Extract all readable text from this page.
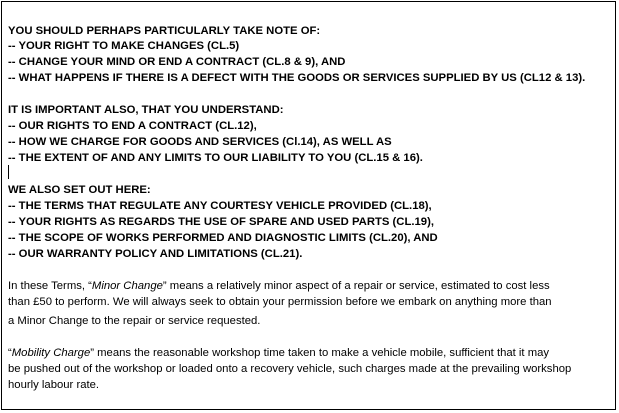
YOU SHOULD PERHAPS PARTICULARLY TAKE NOTE OF:
-- YOUR RIGHT TO MAKE CHANGES (CL.5)
-- CHANGE YOUR MIND OR END A CONTRACT (CL.8 & 9), AND
-- WHAT HAPPENS IF THERE IS A DEFECT WITH THE GOODS OR SERVICES SUPPLIED BY US (CL12 & 13).
IT IS IMPORTANT ALSO, THAT YOU UNDERSTAND:
-- OUR RIGHTS TO END A CONTRACT (CL.12),
-- HOW WE CHARGE FOR GOODS AND SERVICES (Cl.14), AS WELL AS
-- THE EXTENT OF AND ANY LIMITS TO OUR LIABILITY TO YOU (CL.15 & 16).
WE ALSO SET OUT HERE:
-- THE TERMS THAT REGULATE ANY COURTESY VEHICLE PROVIDED (CL.18),
-- YOUR RIGHTS AS REGARDS THE USE OF SPARE AND USED PARTS (CL.19),
-- THE SCOPE OF WORKS PERFORMED AND DIAGNOSTIC LIMITS (CL.20), AND
-- OUR WARRANTY POLICY AND LIMITATIONS (CL.21).
In these Terms, “Minor Change” means a relatively minor aspect of a repair or service, estimated to cost less
than £50 to perform. We will always seek to obtain your permission before we embark on anything more than
a Minor Change to the repair or service requested.
“Mobility Charge” means the reasonable workshop time taken to make a vehicle mobile, sufficient that it may
be pushed out of the workshop or loaded onto a recovery vehicle, such charges made at the prevailing workshop
hourly labour rate.
